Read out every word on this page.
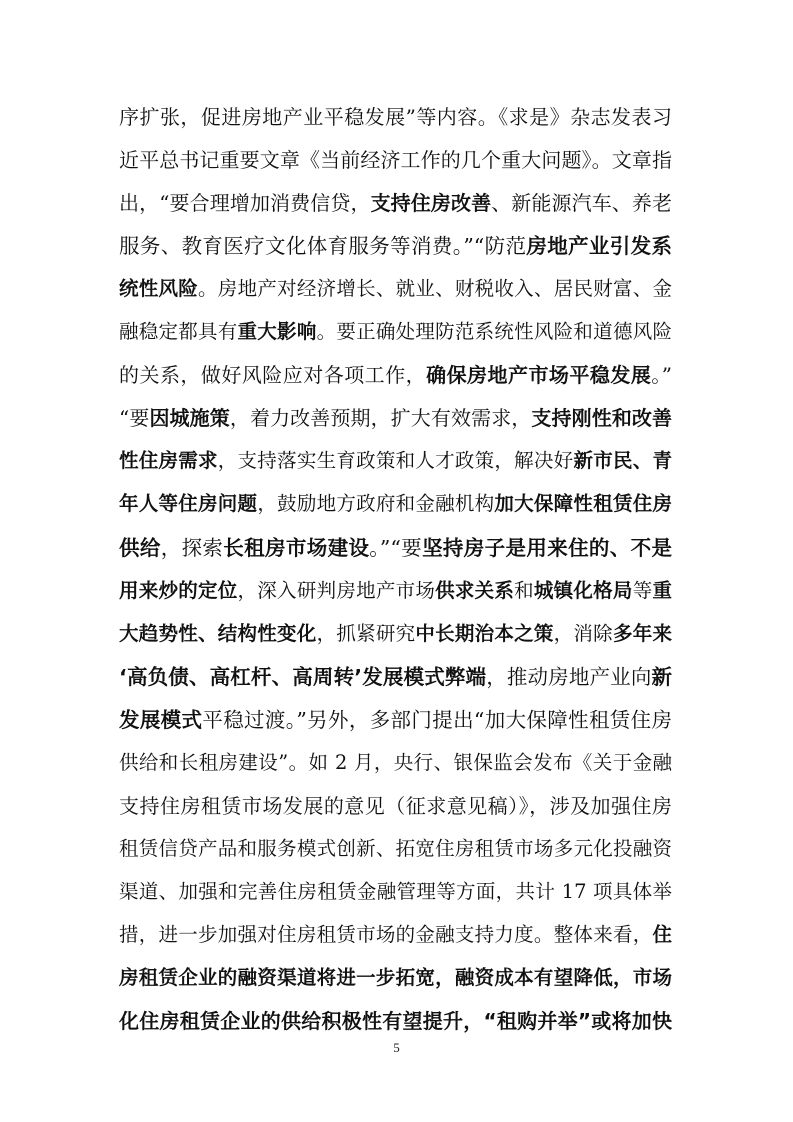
序扩张，促进房地产业平稳发展”等内容。《求是》杂志发表习
近平总书记重要文章《当前经济工作的几个重大问题》。文章指
出，“要合理增加消费信贷，支持住房改善、新能源汽车、养老
服务、教育医疗文化体育服务等消费。”“防范房地产业引发系
统性风险。房地产对经济增长、就业、财税收入、居民财富、金
融稳定都具有重大影响。要正确处理防范系统性风险和道德风险
的关系，做好风险应对各项工作，确保房地产市场平稳发展。”
“要因城施策，着力改善预期，扩大有效需求，支持刚性和改善
性住房需求，支持落实生育政策和人才政策，解决好新市民、青
年人等住房问题，鼓励地方政府和金融机构加大保障性租赁住房
供给，探索长租房市场建设。”“要坚持房子是用来住的、不是
用来炒的定位，深入研判房地产市场供求关系和城镇化格局等重
大趋势性、结构性变化，抓紧研究中长期治本之策，消除多年来
‘高负债、高杠杆、高周转’发展模式弊端，推动房地产业向新
发展模式平稳过渡。”另外，多部门提出“加大保障性租赁住房
供给和长租房建设”。如 2 月，央行、银保监会发布《关于金融
支持住房租赁市场发展的意见（征求意见稿）》，涉及加强住房
租赁信贷产品和服务模式创新、拓宽住房租赁市场多元化投融资
渠道、加强和完善住房租赁金融管理等方面，共计 17 项具体举
措，进一步加强对住房租赁市场的金融支持力度。整体来看，住
房租赁企业的融资渠道将进一步拓宽，融资成本有望降低，市场
化住房租赁企业的供给积极性有望提升，“租购并举”或将加快
5
